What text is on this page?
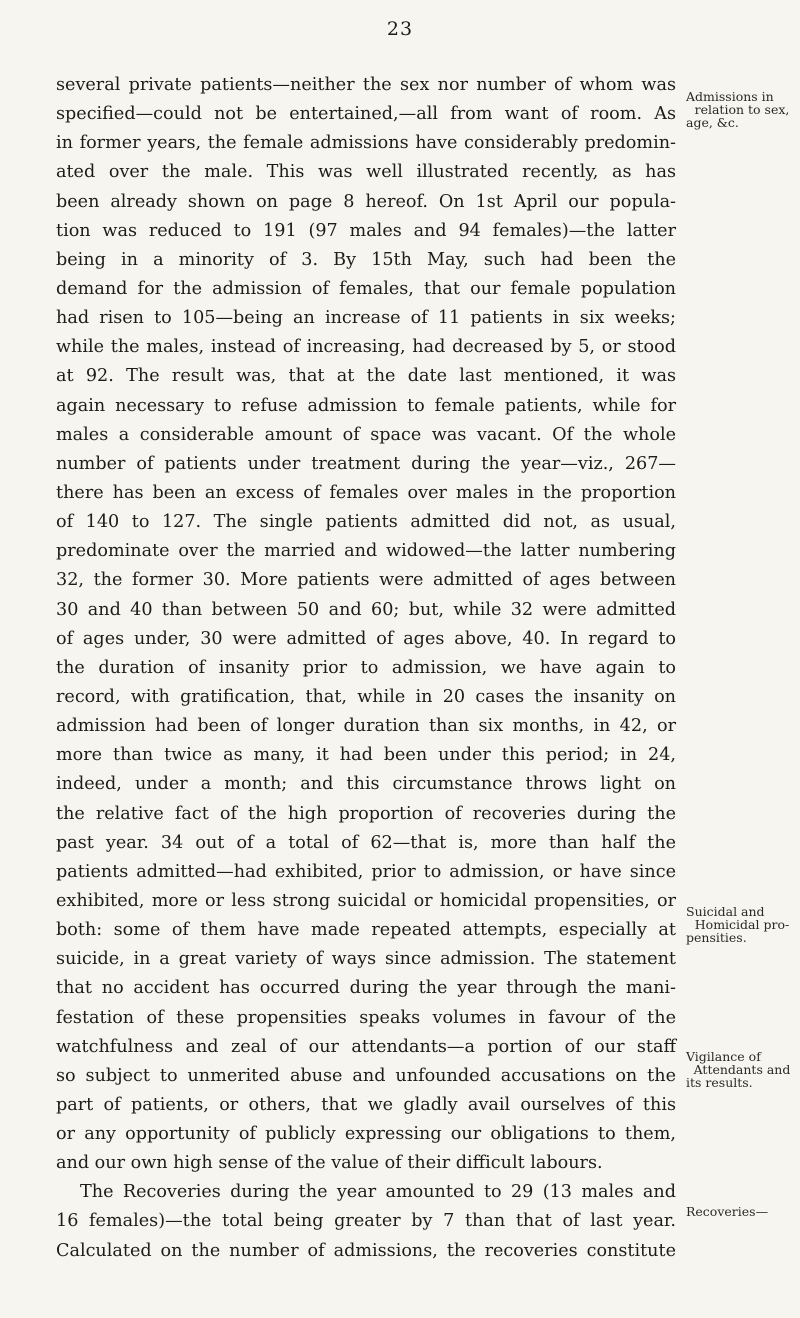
23
several private patients—neither the sex nor number of whom was
specified—could not be entertained,—all from want of room. As
in former years, the female admissions have considerably predomin-
ated over the male. This was well illustrated recently, as has
been already shown on page 8 hereof. On 1st April our popula-
tion was reduced to 191 (97 males and 94 females)—the latter
being in a minority of 3. By 15th May, such had been the
demand for the admission of females, that our female population
had risen to 105—being an increase of 11 patients in six weeks;
while the males, instead of increasing, had decreased by 5, or stood
at 92. The result was, that at the date last mentioned, it was
again necessary to refuse admission to female patients, while for
males a considerable amount of space was vacant. Of the whole
number of patients under treatment during the year—viz., 267—
there has been an excess of females over males in the proportion
of 140 to 127. The single patients admitted did not, as usual,
predominate over the married and widowed—the latter numbering
32, the former 30. More patients were admitted of ages between
30 and 40 than between 50 and 60; but, while 32 were admitted
of ages under, 30 were admitted of ages above, 40. In regard to
the duration of insanity prior to admission, we have again to
record, with gratification, that, while in 20 cases the insanity on
admission had been of longer duration than six months, in 42, or
more than twice as many, it had been under this period; in 24,
indeed, under a month; and this circumstance throws light on
the relative fact of the high proportion of recoveries during the
past year. 34 out of a total of 62—that is, more than half the
patients admitted—had exhibited, prior to admission, or have since
exhibited, more or less strong suicidal or homicidal propensities, or
both: some of them have made repeated attempts, especially at
suicide, in a great variety of ways since admission. The statement
that no accident has occurred during the year through the mani-
festation of these propensities speaks volumes in favour of the
watchfulness and zeal of our attendants—a portion of our staff
so subject to unmerited abuse and unfounded accusations on the
part of patients, or others, that we gladly avail ourselves of this
or any opportunity of publicly expressing our obligations to them,
and our own high sense of the value of their difficult labours.
The Recoveries during the year amounted to 29 (13 males and
16 females)—the total being greater by 7 than that of last year.
Calculated on the number of admissions, the recoveries constitute
Admissions in
relation to sex,
age, &c.
Suicidal and
Homicidal pro-
pensities.
Vigilance of
Attendants and
its results.
Recoveries—
